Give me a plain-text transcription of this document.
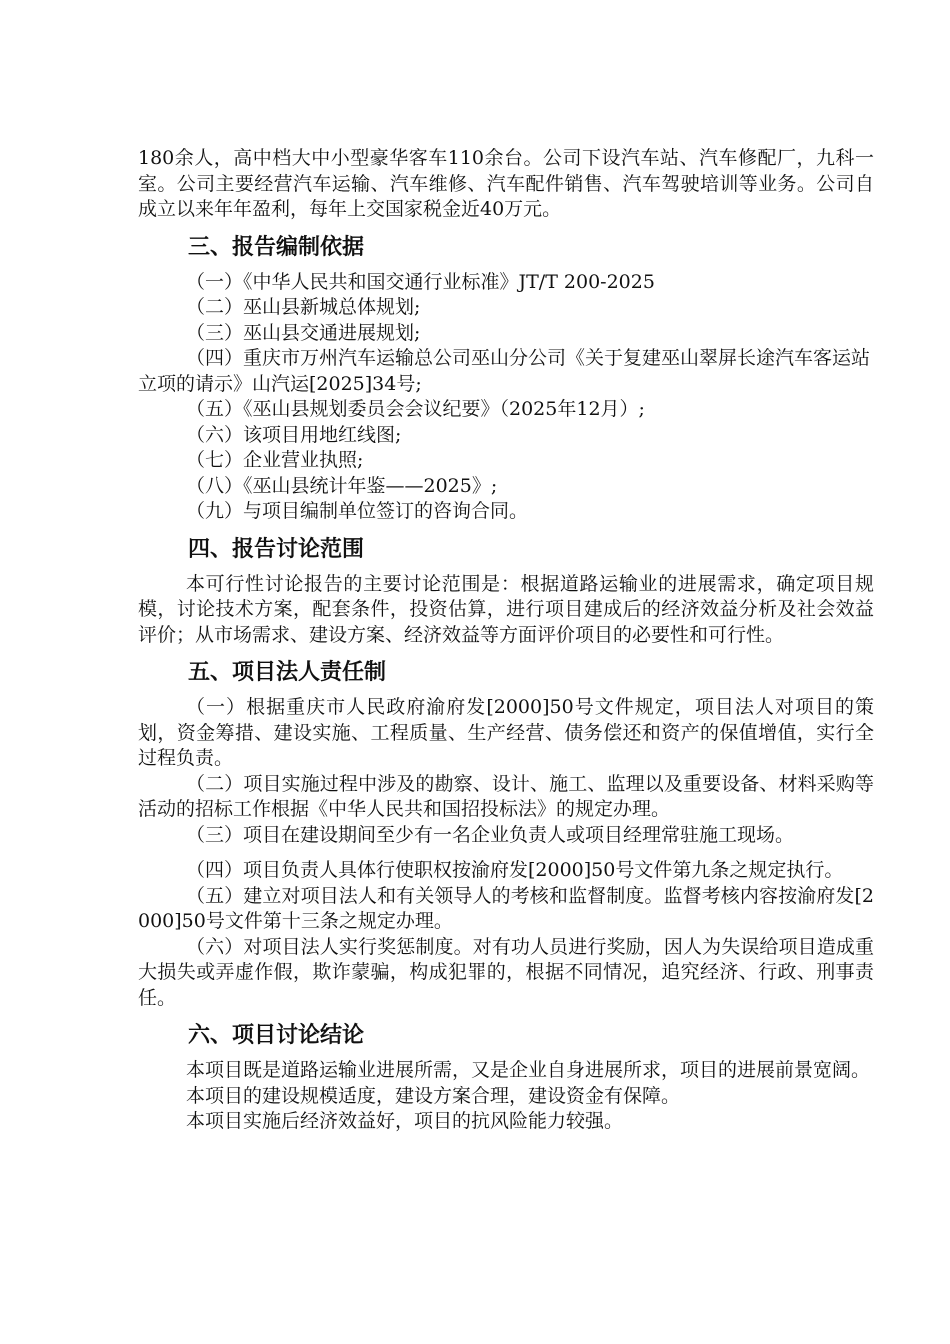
180余人，高中档大中小型豪华客车110余台。公司下设汽车站、汽车修配厂，九科一室。公司主要经营汽车运输、汽车维修、汽车配件销售、汽车驾驶培训等业务。公司自成立以来年年盈利，每年上交国家税金近40万元。

三、报告编制依据

（一）《中华人民共和国交通行业标准》JT/T 200-2025

（二）巫山县新城总体规划;

（三）巫山县交通进展规划;

（四）重庆市万州汽车运输总公司巫山分公司《关于复建巫山翠屏长途汽车客运站立项的请示》山汽运[2025]34号;

（五）《巫山县规划委员会会议纪要》（2025年12月）;

（六）该项目用地红线图;

（七）企业营业执照;

（八）《巫山县统计年鉴——2025》;

（九）与项目编制单位签订的咨询合同。

四、报告讨论范围

本可行性讨论报告的主要讨论范围是：根据道路运输业的进展需求，确定项目规模，讨论技术方案，配套条件，投资估算，进行项目建成后的经济效益分析及社会效益评价；从市场需求、建设方案、经济效益等方面评价项目的必要性和可行性。

五、项目法人责任制

（一）根据重庆市人民政府渝府发[2000]50号文件规定，项目法人对项目的策划，资金筹措、建设实施、工程质量、生产经营、债务偿还和资产的保值增值，实行全过程负责。

（二）项目实施过程中涉及的勘察、设计、施工、监理以及重要设备、材料采购等活动的招标工作根据《中华人民共和国招投标法》的规定办理。

（三）项目在建设期间至少有一名企业负责人或项目经理常驻施工现场。

（四）项目负责人具体行使职权按渝府发[2000]50号文件第九条之规定执行。

（五）建立对项目法人和有关领导人的考核和监督制度。监督考核内容按渝府发[2000]50号文件第十三条之规定办理。

（六）对项目法人实行奖惩制度。对有功人员进行奖励，因人为失误给项目造成重大损失或弄虚作假，欺诈蒙骗，构成犯罪的，根据不同情况，追究经济、行政、刑事责任。

六、项目讨论结论

本项目既是道路运输业进展所需，又是企业自身进展所求，项目的进展前景宽阔。

本项目的建设规模适度，建设方案合理，建设资金有保障。

本项目实施后经济效益好，项目的抗风险能力较强。
